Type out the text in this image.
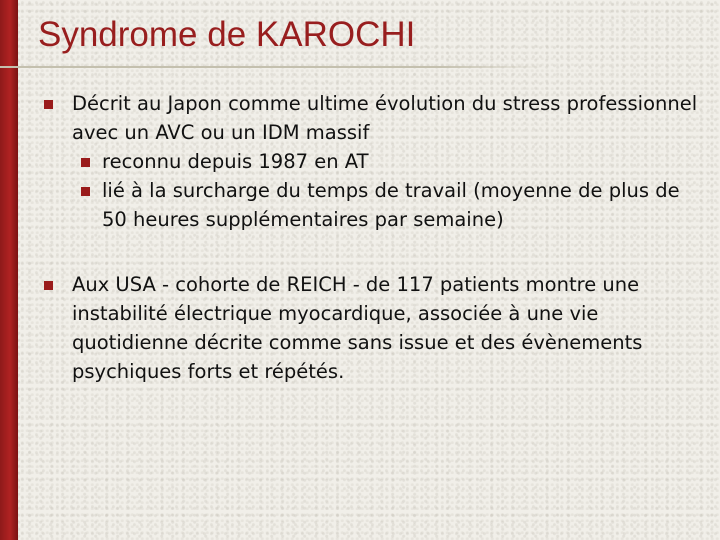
Syndrome de KAROCHI
Décrit au Japon comme ultime évolution du stress professionnel avec un AVC ou un IDM massif
reconnu depuis 1987 en AT
lié à la surcharge du temps de travail (moyenne de plus de 50 heures supplémentaires par semaine)
Aux USA - cohorte de REICH - de 117 patients montre une instabilité électrique myocardique, associée à une vie quotidienne décrite comme sans issue et des évènements psychiques forts et répétés.
